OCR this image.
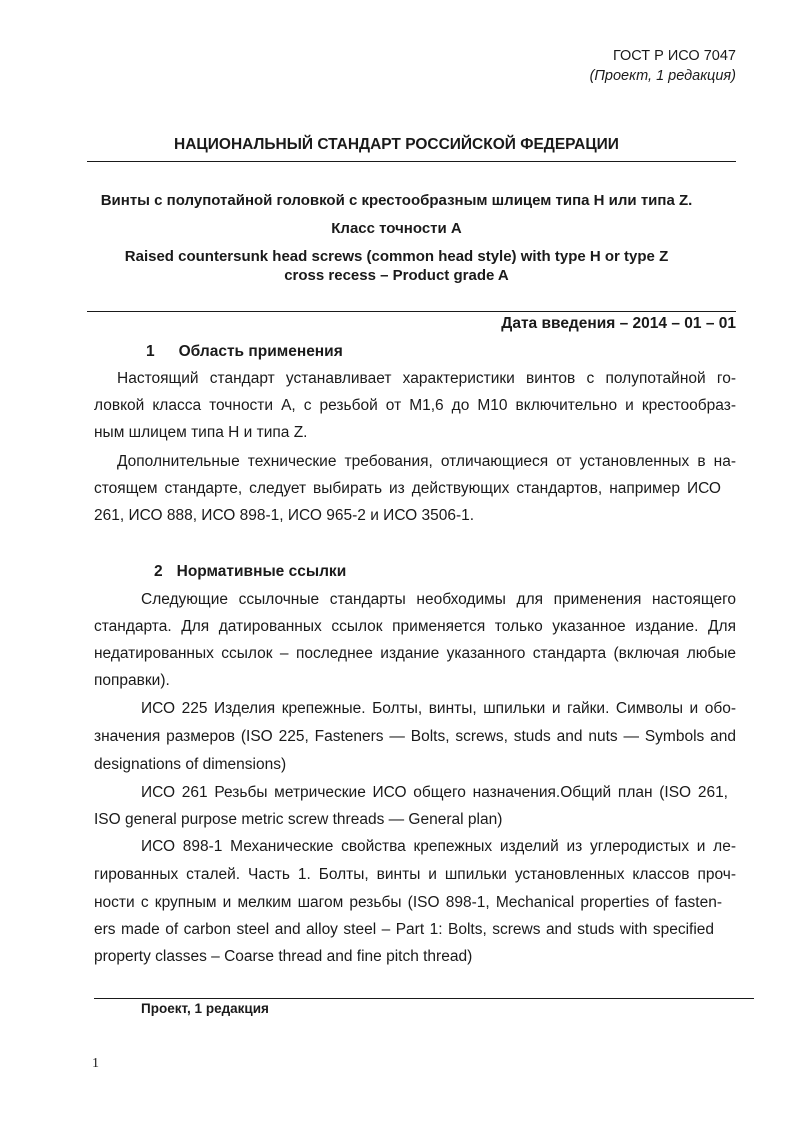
ГОСТ Р ИСО 7047
(Проект, 1 редакция)
НАЦИОНАЛЬНЫЙ СТАНДАРТ РОССИЙСКОЙ ФЕДЕРАЦИИ
Винты с полупотайной головкой с крестообразным шлицем типа Н или типа Z.
Класс точности А
Raised countersunk head screws (common head style) with type H or type Z
cross recess – Product grade A
Дата введения – 2014 – 01 – 01
1 Область применения
Настоящий стандарт устанавливает характеристики винтов с полупотайной го-
ловкой класса точности А, с резьбой от М1,6 до М10 включительно и крестообраз-
ным шлицем типа Н и типа Z.
Дополнительные технические требования, отличающиеся от установленных в на-
стоящем стандарте, следует выбирать из действующих стандартов, например ИСО
261, ИСО 888, ИСО 898-1, ИСО 965-2 и ИСО 3506-1.
2 Нормативные ссылки
Следующие ссылочные стандарты необходимы для применения настоящего
стандарта. Для датированных ссылок применяется только указанное издание. Для
недатированных ссылок – последнее издание указанного стандарта (включая любые
поправки).
ИСО 225 Изделия крепежные. Болты, винты, шпильки и гайки. Символы и обо-
значения размеров (ISO 225, Fasteners — Bolts, screws, studs and nuts — Symbols and
designations of dimensions)
ИСО 261 Резьбы метрические ИСО общего назначения.Общий план (ISO 261,
ISO general purpose metric screw threads — General plan)
ИСО 898-1 Механические свойства крепежных изделий из углеродистых и ле-
гированных сталей. Часть 1. Болты, винты и шпильки установленных классов проч-
ности с крупным и мелким шагом резьбы (ISO 898-1, Mechanical properties of fasten-
ers made of carbon steel and alloy steel – Part 1: Bolts, screws and studs with specified
property classes – Coarse thread and fine pitch thread)
Проект, 1 редакция
1
